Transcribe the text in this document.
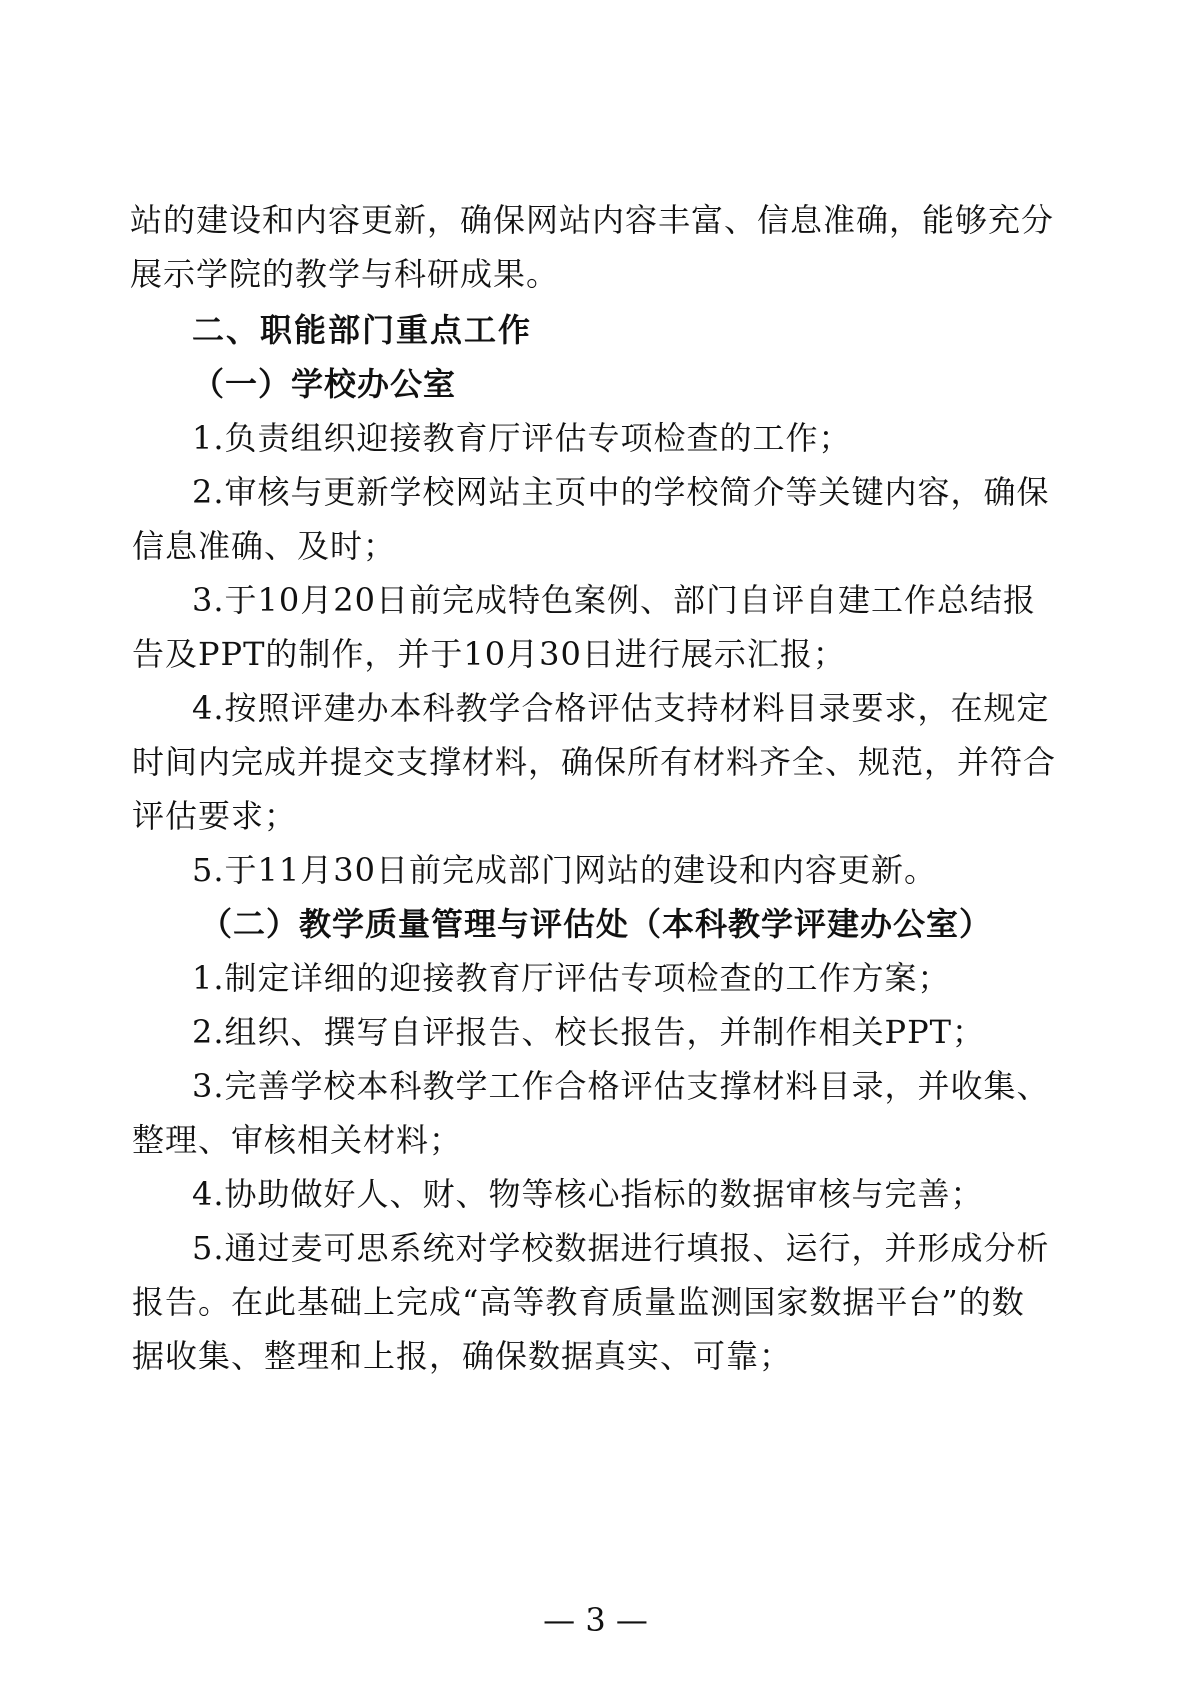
站的建设和内容更新，确保网站内容丰富、信息准确，能够充分
展示学院的教学与科研成果。
二、职能部门重点工作
（一）学校办公室
1.负责组织迎接教育厅评估专项检查的工作；
2.审核与更新学校网站主页中的学校简介等关键内容，确保
信息准确、及时；
3.于10月20日前完成特色案例、部门自评自建工作总结报
告及PPT的制作，并于10月30日进行展示汇报；
4.按照评建办本科教学合格评估支持材料目录要求，在规定
时间内完成并提交支撑材料，确保所有材料齐全、规范，并符合
评估要求；
5.于11月30日前完成部门网站的建设和内容更新。
（二）教学质量管理与评估处（本科教学评建办公室）
1.制定详细的迎接教育厅评估专项检查的工作方案；
2.组织、撰写自评报告、校长报告，并制作相关PPT；
3.完善学校本科教学工作合格评估支撑材料目录，并收集、
整理、审核相关材料；
4.协助做好人、财、物等核心指标的数据审核与完善；
5.通过麦可思系统对学校数据进行填报、运行，并形成分析
报告。在此基础上完成“高等教育质量监测国家数据平台”的数
据收集、整理和上报，确保数据真实、可靠；
— 3 —
